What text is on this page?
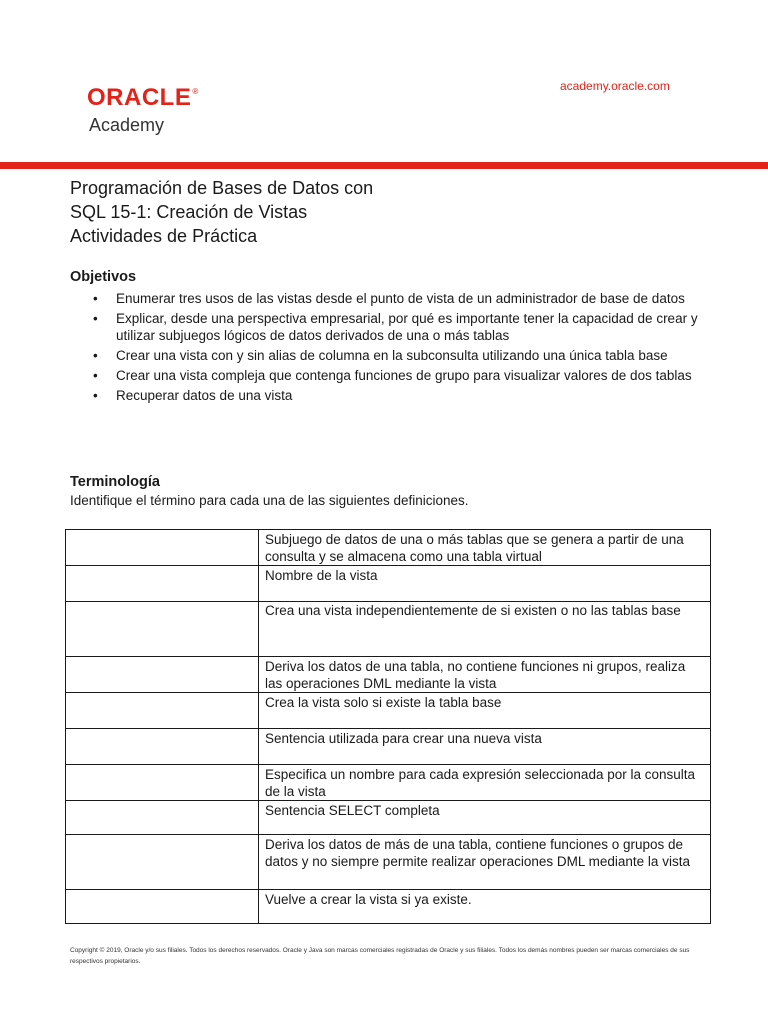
ORACLE®
Academy
academy.oracle.com
Programación de Bases de Datos con
SQL 15-1: Creación de Vistas
Actividades de Práctica
Objetivos
• Enumerar tres usos de las vistas desde el punto de vista de un administrador de base de datos
• Explicar, desde una perspectiva empresarial, por qué es importante tener la capacidad de crear y utilizar subjuegos lógicos de datos derivados de una o más tablas
• Crear una vista con y sin alias de columna en la subconsulta utilizando una única tabla base
• Crear una vista compleja que contenga funciones de grupo para visualizar valores de dos tablas
• Recuperar datos de una vista
Terminología
Identifique el término para cada una de las siguientes definiciones.
	Subjuego de datos de una o más tablas que se genera a partir de una consulta y se almacena como una tabla virtual
	Nombre de la vista
	Crea una vista independientemente de si existen o no las tablas base
	Deriva los datos de una tabla, no contiene funciones ni grupos, realiza las operaciones DML mediante la vista
	Crea la vista solo si existe la tabla base
	Sentencia utilizada para crear una nueva vista
	Especifica un nombre para cada expresión seleccionada por la consulta de la vista
	Sentencia SELECT completa
	Deriva los datos de más de una tabla, contiene funciones o grupos de datos y no siempre permite realizar operaciones DML mediante la vista
	Vuelve a crear la vista si ya existe.
Copyright © 2019, Oracle y/o sus filiales. Todos los derechos reservados. Oracle y Java son marcas comerciales registradas de Oracle y sus filiales. Todos los demás nombres pueden ser marcas comerciales de sus respectivos propietarios.
